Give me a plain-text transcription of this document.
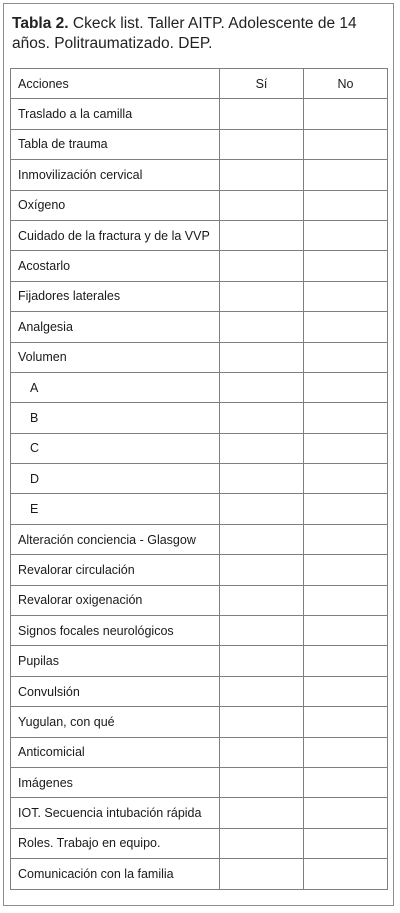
Tabla 2. Ckeck list. Taller AITP. Adolescente de 14 años. Politraumatizado. DEP.
Acciones	Sí	No
Traslado a la camilla		
Tabla de trauma		
Inmovilización cervical		
Oxígeno		
Cuidado de la fractura y de la VVP		
Acostarlo		
Fijadores laterales		
Analgesia		
Volumen		
A		
B		
C		
D		
E		
Alteración conciencia - Glasgow		
Revalorar circulación		
Revalorar oxigenación		
Signos focales neurológicos		
Pupilas		
Convulsión		
Yugulan, con qué		
Anticomicial		
Imágenes		
IOT. Secuencia intubación rápida		
Roles. Trabajo en equipo.		
Comunicación con la familia		
